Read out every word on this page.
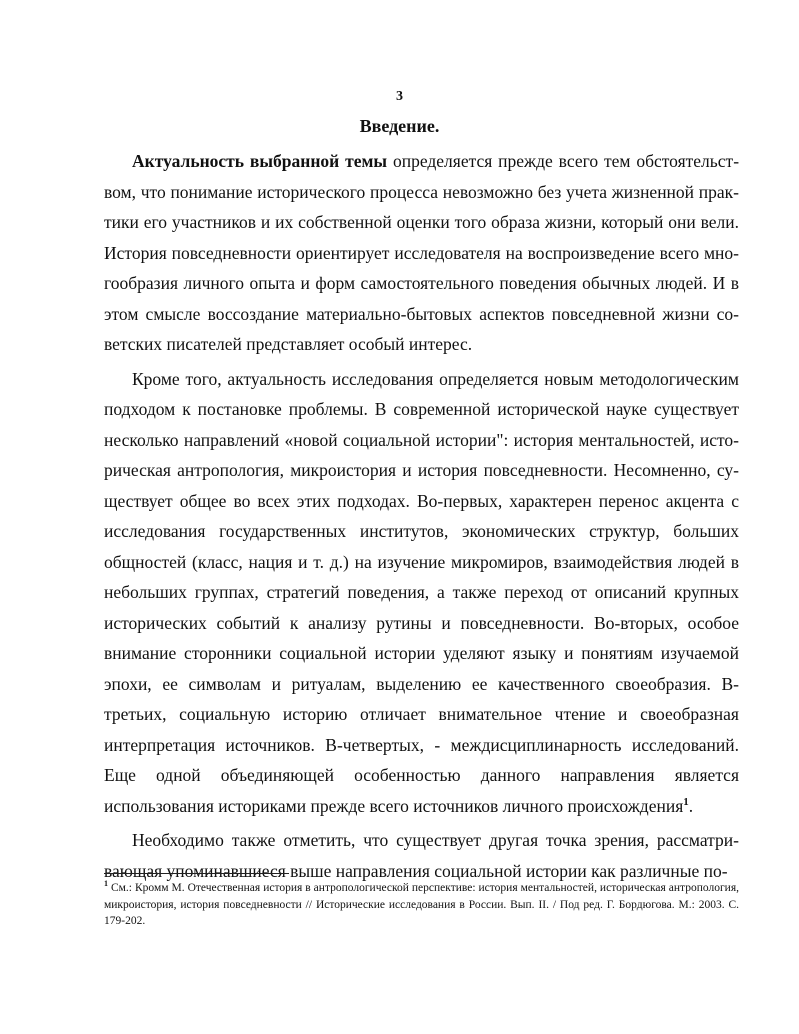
3
Введение.

Актуальность выбранной темы определяется прежде всего тем обстоятельством, что понимание исторического процесса невозможно без учета жизненной практики его участников и их собственной оценки того образа жизни, который они вели. История повседневности ориентирует исследователя на воспроизведение всего многообразия личного опыта и форм самостоятельного поведения обычных людей. И в этом смысле воссоздание материально-бытовых аспектов повседневной жизни советских писателей представляет особый интерес.

Кроме того, актуальность исследования определяется новым методологическим подходом к постановке проблемы. В современной исторической науке существует несколько направлений «новой социальной истории": история ментальностей, историческая антропология, микроистория и история повседневности. Несомненно, существует общее во всех этих подходах. Во-первых, характерен перенос акцента с исследования государственных институтов, экономических структур, больших общностей (класс, нация и т. д.) на изучение микромиров, взаимодействия людей в небольших группах, стратегий поведения, а также переход от описаний крупных исторических событий к анализу рутины и повседневности. Во-вторых, особое внимание сторонники социальной истории уделяют языку и понятиям изучаемой эпохи, ее символам и ритуалам, выделению ее качественного своеобразия. В-третьих, социальную историю отличает внимательное чтение и своеобразная интерпретация источников. В-четвертых, - междисциплинарность исследований. Еще одной объединяющей особенностью данного направления является использования историками прежде всего источников личного происхождения$^1$.

Необходимо также отметить, что существует другая точка зрения, рассматривающая упоминавшиеся выше направления социальной истории как различные по-

$^1$ См.: Кромм М. Отечественная история в антропологической перспективе: история ментальностей, историческая антропология, микроистория, история повседневности // Исторические исследования в России. Вып. II. / Под ред. Г. Бордюгова. М.: 2003. С. 179-202.
